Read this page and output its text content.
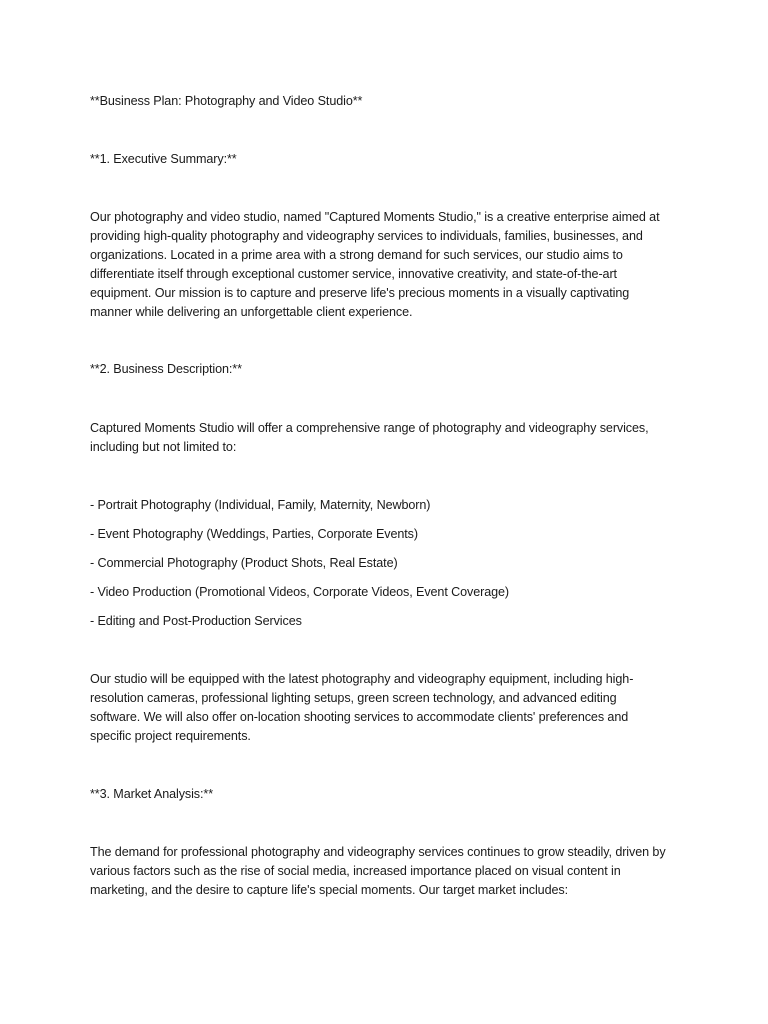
**Business Plan: Photography and Video Studio**

**1. Executive Summary:**

Our photography and video studio, named "Captured Moments Studio," is a creative enterprise aimed at
providing high-quality photography and videography services to individuals, families, businesses, and
organizations. Located in a prime area with a strong demand for such services, our studio aims to
differentiate itself through exceptional customer service, innovative creativity, and state-of-the-art
equipment. Our mission is to capture and preserve life's precious moments in a visually captivating
manner while delivering an unforgettable client experience.

**2. Business Description:**

Captured Moments Studio will offer a comprehensive range of photography and videography services,
including but not limited to:

- Portrait Photography (Individual, Family, Maternity, Newborn)

- Event Photography (Weddings, Parties, Corporate Events)

- Commercial Photography (Product Shots, Real Estate)

- Video Production (Promotional Videos, Corporate Videos, Event Coverage)

- Editing and Post-Production Services

Our studio will be equipped with the latest photography and videography equipment, including high-
resolution cameras, professional lighting setups, green screen technology, and advanced editing
software. We will also offer on-location shooting services to accommodate clients' preferences and
specific project requirements.

**3. Market Analysis:**

The demand for professional photography and videography services continues to grow steadily, driven by
various factors such as the rise of social media, increased importance placed on visual content in
marketing, and the desire to capture life's special moments. Our target market includes:
